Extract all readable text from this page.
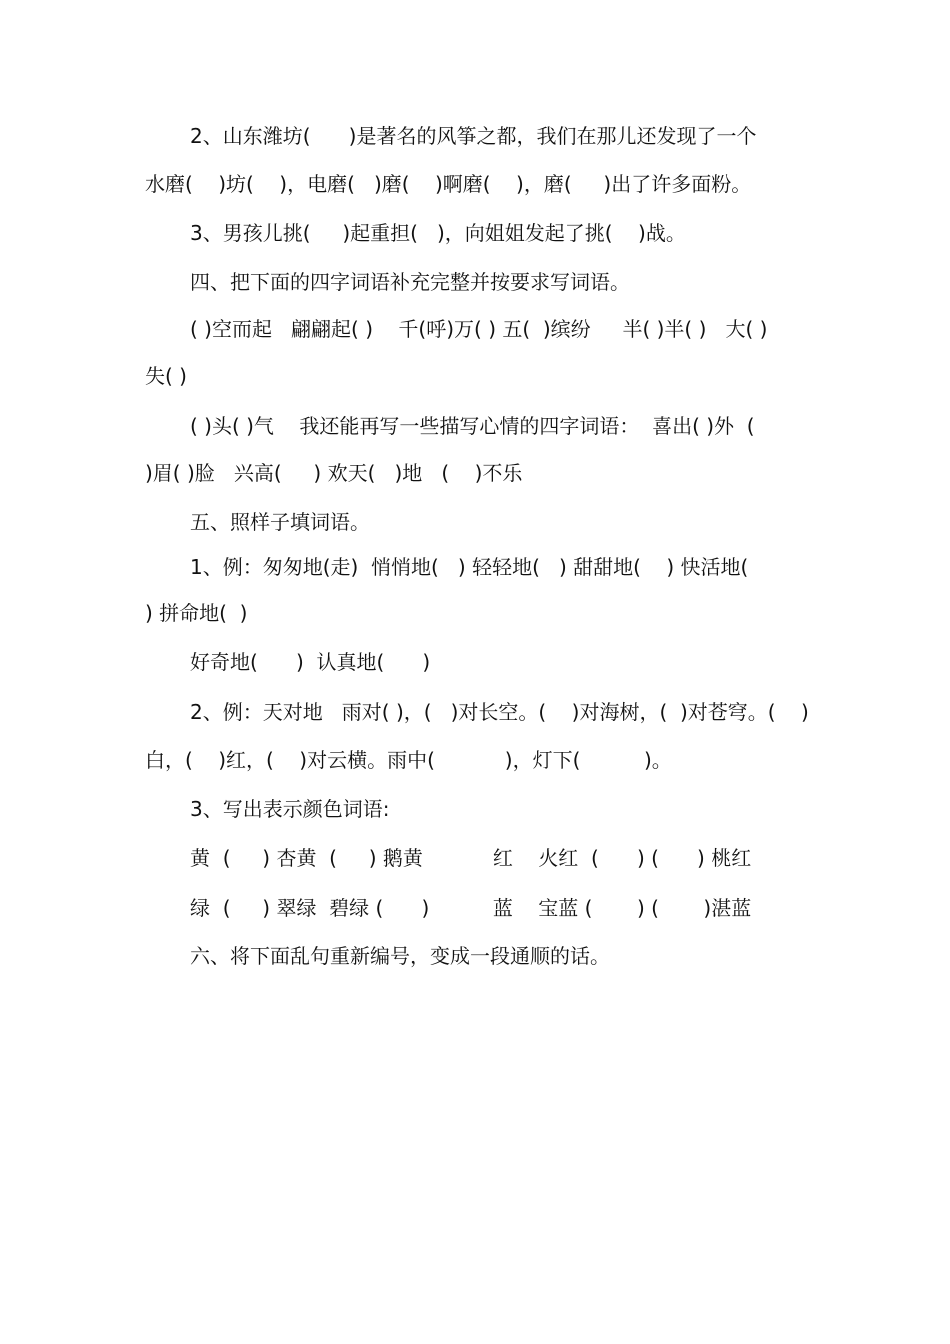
2、山东潍坊(      )是著名的风筝之都，我们在那儿还发现了一个

水磨(    )坊(    )，电磨(   )磨(    )啊磨(    )，磨(     )出了许多面粉。

3、男孩儿挑(     )起重担(   )，向姐姐发起了挑(    )战。

四、把下面的四字词语补充完整并按要求写词语。

( )空而起   翩翩起( )    千(呼)万( ) 五(  )缤纷     半( )半( )   大( )

失( )

( )头( )气    我还能再写一些描写心情的四字词语：  喜出( )外  (

)眉( )脸   兴高(     ) 欢天(   )地   (    )不乐

五、照样子填词语。

1、例：匆匆地(走)  悄悄地(   ) 轻轻地(   ) 甜甜地(    ) 快活地(

) 拼命地(  )

好奇地(      )  认真地(      )

2、例：天对地   雨对( )，(   )对长空。(    )对海树，(  )对苍穹。(    )

白，(    )红，(    )对云横。雨中(           )，灯下(          )。

3、写出表示颜色词语:

黄  (     ) 杏黄  (     ) 鹅黄           红    火红  (      ) (      ) 桃红

绿  (     ) 翠绿  碧绿 (      )          蓝    宝蓝 (       ) (       )湛蓝

六、将下面乱句重新编号，变成一段通顺的话。
